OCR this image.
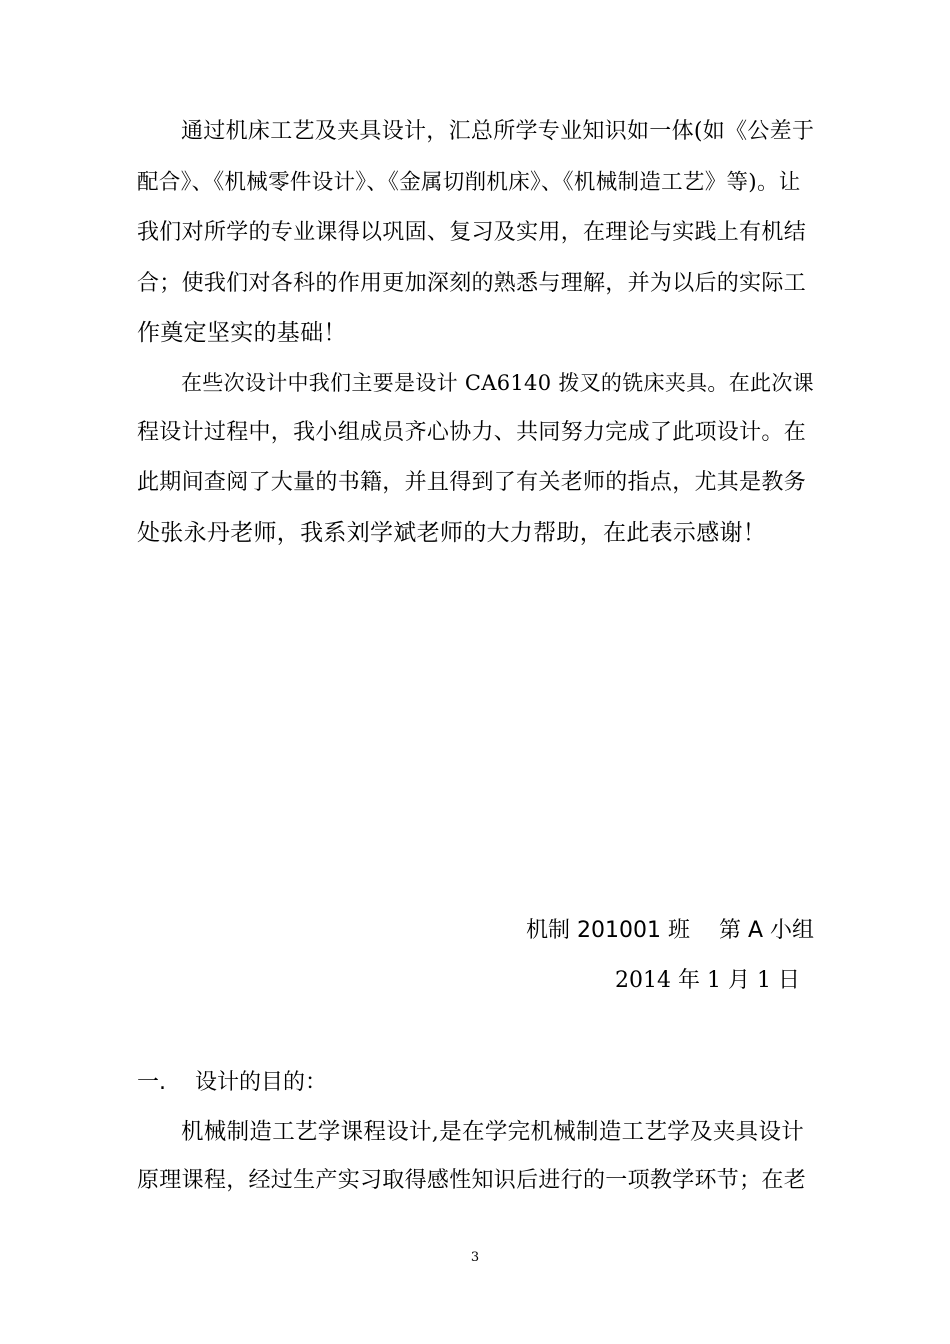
通过机床工艺及夹具设计，汇总所学专业知识如一体(如《公差于
配合》、《机械零件设计》、《金属切削机床》、《机械制造工艺》等)。让
我们对所学的专业课得以巩固、复习及实用，在理论与实践上有机结
合；使我们对各科的作用更加深刻的熟悉与理解，并为以后的实际工
作奠定坚实的基础！
在些次设计中我们主要是设计 CA6140 拨叉的铣床夹具。在此次课
程设计过程中，我小组成员齐心协力、共同努力完成了此项设计。在
此期间查阅了大量的书籍，并且得到了有关老师的指点，尤其是教务
处张永丹老师，我系刘学斌老师的大力帮助，在此表示感谢！
机制 201001 班　 第 A 小组
2014 年 1 月 1 日
一. 设计的目的：
机械制造工艺学课程设计,是在学完机械制造工艺学及夹具设计
原理课程，经过生产实习取得感性知识后进行的一项教学环节；在老
3
